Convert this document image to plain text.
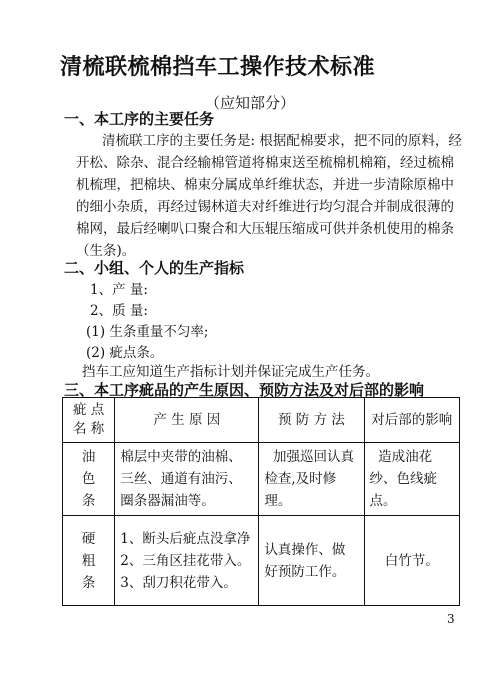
清梳联梳棉挡车工操作技术标准
（应知部分）
一、本工序的主要任务
清梳联工序的主要任务是: 根据配棉要求，把不同的原料，经开松、除杂、混合经输棉管道将棉束送至梳棉机棉箱，经过梳棉机梳理，把棉块、棉束分属成单纤维状态，并进一步清除原棉中的细小杂质，再经过锡林道夫对纤维进行均匀混合并制成很薄的棉网，最后经喇叭口聚合和大压辊压缩成可供并条机使用的棉条（生条)。
二、小组、个人的生产指标
1、产 量:
2、质 量:
(1) 生条重量不匀率;
(2) 疵点条。
挡车工应知道生产指标计划并保证完成生产任务。
三、本工序疵品的产生原因、预防方法及对后部的影响
疵 点
名 称	产 生 原 因	预 防 方 法	对后部的影响
油
色
条	棉层中夹带的油棉、三丝、通道有油污、圈条器漏油等。	加强巡回认真检查,及时修理。	造成油花纱、色线疵点。
硬
粗
条	1、断头后疵点没拿净
2、三角区挂花带入。
3、刮刀积花带入。	认真操作、做好预防工作。	白竹节。
3
